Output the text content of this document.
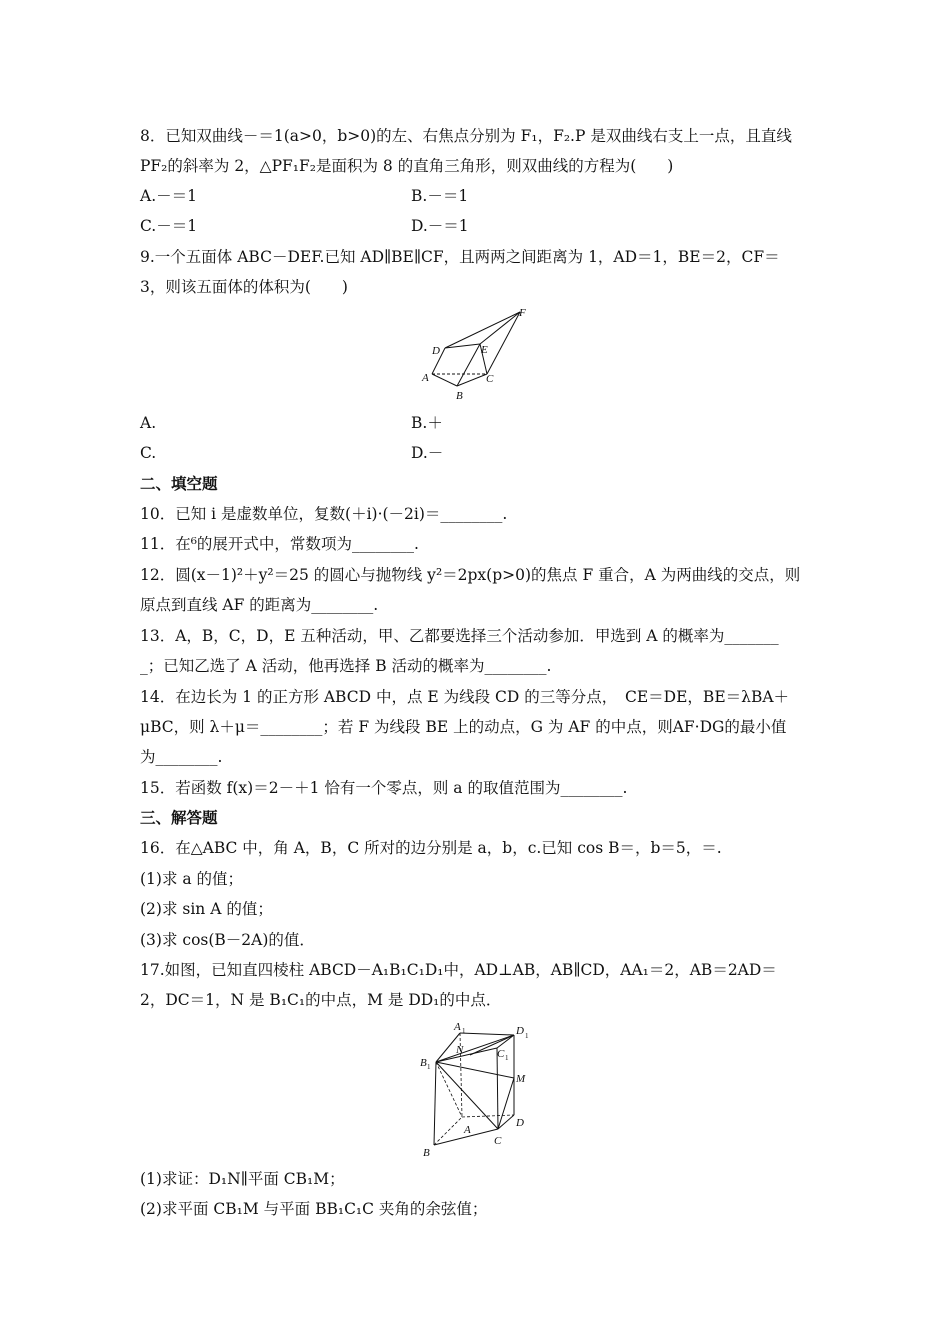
8．已知双曲线－＝1(a>0，b>0)的左、右焦点分别为 F₁，F₂.P 是双曲线右支上一点，且直线
PF₂的斜率为 2，△PF₁F₂是面积为 8 的直角三角形，则双曲线的方程为(　　)
A.－＝1	B.－＝1
C.－＝1	D.－＝1
9.一个五面体 ABC－DEF.已知 AD∥BE∥CF，且两两之间距离为 1，AD＝1，BE＝2，CF＝
3，则该五面体的体积为(　　)
F
D	E
A	C
B
A.	B.＋
C.	D.－
二、填空题
10．已知 i 是虚数单位，复数(＋i)·(－2i)＝________.
11．在⁶的展开式中，常数项为________.
12．圆(x－1)²＋y²＝25 的圆心与抛物线 y²＝2px(p>0)的焦点 F 重合，A 为两曲线的交点，则
原点到直线 AF 的距离为________.
13．A，B，C，D，E 五种活动，甲、乙都要选择三个活动参加．甲选到 A 的概率为_______
_；已知乙选了 A 活动，他再选择 B 活动的概率为________.
14．在边长为 1 的正方形 ABCD 中，点 E 为线段 CD 的三等分点，　CE＝DE，BE＝λBA＋
μBC，则 λ＋μ＝________；若 F 为线段 BE 上的动点，G 为 AF 的中点，则AF·DG的最小值
为________.
15．若函数 f(x)＝2－＋1 恰有一个零点，则 a 的取值范围为________.
三、解答题
16．在△ABC 中，角 A，B，C 所对的边分别是 a，b，c.已知 cos B＝，b＝5，＝.
(1)求 a 的值；
(2)求 sin A 的值；
(3)求 cos(B－2A)的值．
17.如图，已知直四棱柱 ABCD－A₁B₁C₁D₁中，AD⊥AB，AB∥CD，AA₁＝2，AB＝2AD＝
2，DC＝1，N 是 B₁C₁的中点，M 是 DD₁的中点．
A 1	D 1
N	C 1
B 1
M
D
A
C
B
(1)求证：D₁N∥平面 CB₁M；
(2)求平面 CB₁M 与平面 BB₁C₁C 夹角的余弦值；
